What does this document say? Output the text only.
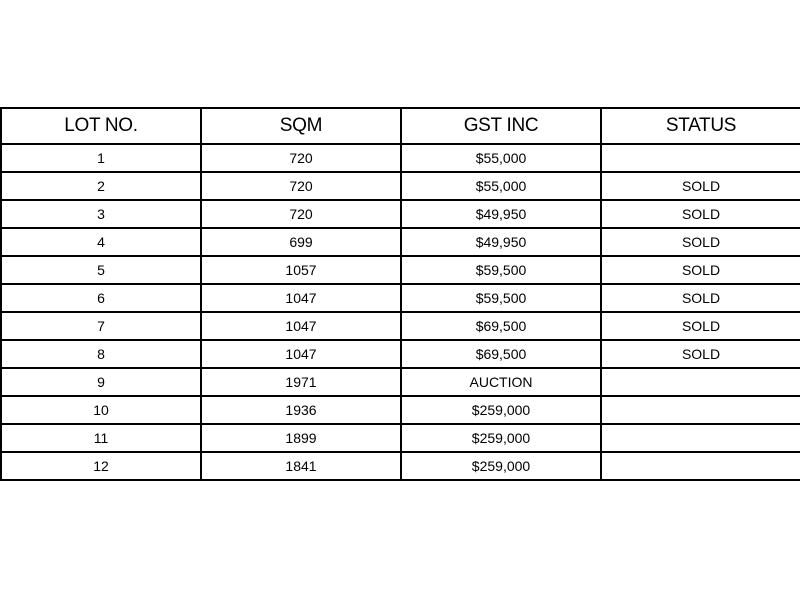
LOT NO.	SQM	GST INC	STATUS
1	720	$55,000	
2	720	$55,000	SOLD
3	720	$49,950	SOLD
4	699	$49,950	SOLD
5	1057	$59,500	SOLD
6	1047	$59,500	SOLD
7	1047	$69,500	SOLD
8	1047	$69,500	SOLD
9	1971	AUCTION	
10	1936	$259,000	
11	1899	$259,000	
12	1841	$259,000	
